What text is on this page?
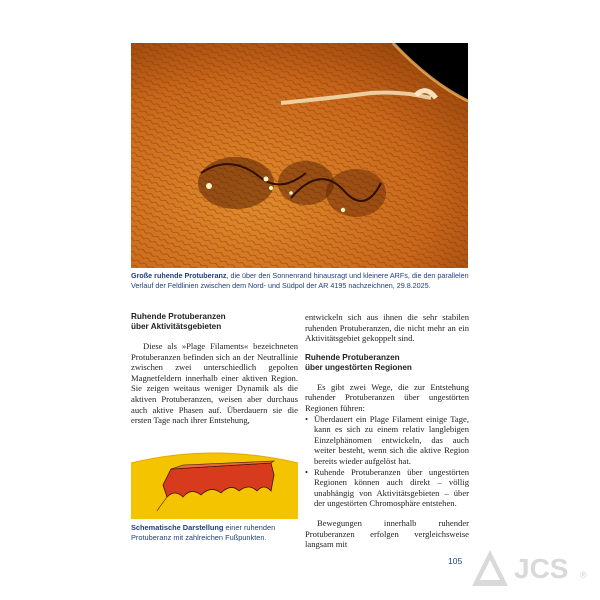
Große ruhende Protuberanz, die über den Sonnenrand hinausragt und kleinere ARFs, die den parallelen Verlauf der Feldlinien zwischen dem Nord- und Südpol der AR 4195 nachzeichnen, 29.8.2025.

Ruhende Protuberanzen

über Aktivitätsgebieten

Diese als »Plage Filaments« bezeichneten Protuberanzen befinden sich an der Neutrallinie zwischen zwei unterschiedlich gepolten Magnetfeldern innerhalb einer aktiven Region. Sie zeigen weitaus weniger Dynamik als die aktiven Protuberanzen, weisen aber durchaus auch aktive Phasen auf. Überdauern sie die ersten Tage nach ihrer Entstehung,

Schematische Darstellung einer ruhenden Protuberanz mit zahlreichen Fußpunkten.

entwickeln sich aus ihnen die sehr stabilen ruhenden Protuberanzen, die nicht mehr an ein Aktivitätsgebiet gekoppelt sind.

Ruhende Protuberanzen

über ungestörten Regionen

Es gibt zwei Wege, die zur Entstehung ruhender Protuberanzen über ungestörten Regionen führen:

• Überdauert ein Plage Filament einige Tage, kann es sich zu einem relativ langlebigen Einzelphänomen entwickeln, das auch weiter besteht, wenn sich die aktive Region bereits wieder aufgelöst hat.
• Ruhende Protuberanzen über ungestörten Regionen können auch direkt – völlig unabhängig von Aktivitätsgebieten – über der ungestörten Chromosphäre entstehen.

Bewegungen innerhalb ruhender Protuberanzen erfolgen vergleichsweise langsam mit

105 JCS ®
